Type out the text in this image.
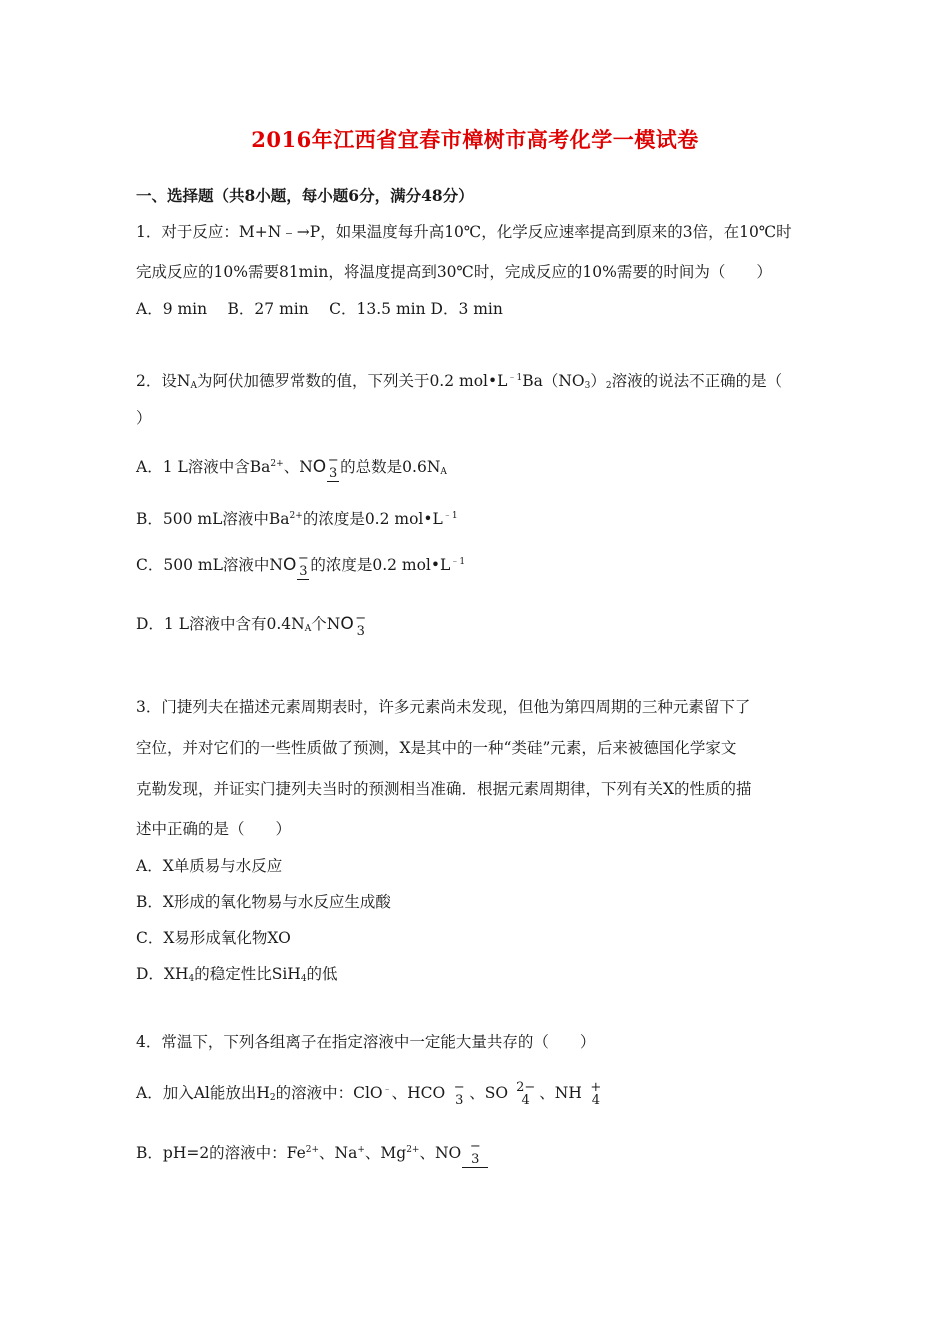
2016年江西省宜春市樟树市高考化学一模试卷
一、选择题（共8小题，每小题6分，满分48分）
1．对于反应：M+N﹣→P，如果温度每升高10℃，化学反应速率提高到原来的3倍，在10℃时
完成反应的10%需要81min，将温度提高到30℃时，完成反应的10%需要的时间为（　　）
A．9 min　 B．27 min　 C．13.5 min D．3 min
2．设$N_A$为阿伏加德罗常数的值，下列关于0.2 $mol•L^{﹣1}Ba(NO_3)_2$溶液的说法不正确的是（
）
A．1 L溶液中含$Ba^{2+}$、NO −
3 的总数是$0.6N_A$
B．500 mL溶液中$Ba^{2+}$的浓度是0.2 $mol•L^{﹣1}$
C．500 mL溶液中NO −
3 的浓度是0.2 $mol•L^{﹣1}$
D．1 L溶液中含有$0.4N_A$个NO −
3
3．门捷列夫在描述元素周期表时，许多元素尚未发现，但他为第四周期的三种元素留下了
空位，并对它们的一些性质做了预测，X是其中的一种“类硅”元素，后来被德国化学家文
克勒发现，并证实门捷列夫当时的预测相当准确．根据元素周期律，下列有关X的性质的描
述中正确的是（　　）
A．X单质易与水反应
B．X形成的氧化物易与水反应生成酸
C．X易形成氧化物XO
D．$XH_4$的稳定性比SiH$_4$的低
4．常温下，下列各组离子在指定溶液中一定能大量共存的（　　）
A．加入Al能放出$H_2$的溶液中：ClO﹣、HCO −
3 、SO 2−
4 、NH +
4
B．pH=2的溶液中：$Fe^{2+}$、Na+、$Mg^{2+}$、NO −
3
